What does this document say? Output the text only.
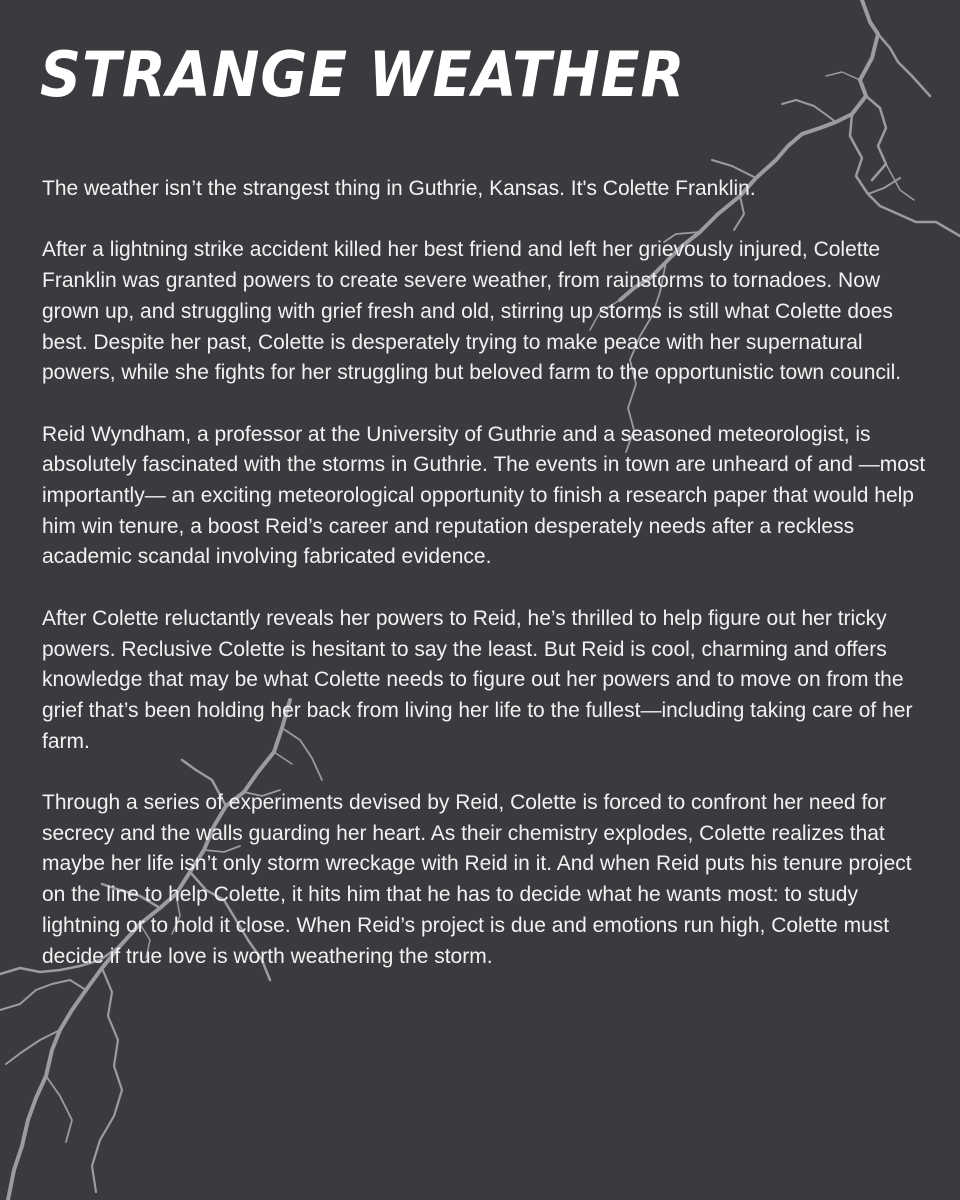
STRANGE WEATHER

The weather isn’t the strangest thing in Guthrie, Kansas. It's Colette Franklin.

After a lightning strike accident killed her best friend and left her grievously injured, Colette Franklin was granted powers to create severe weather, from rainstorms to tornadoes. Now grown up, and struggling with grief fresh and old, stirring up storms is still what Colette does best. Despite her past, Colette is desperately trying to make peace with her supernatural powers, while she fights for her struggling but beloved farm to the opportunistic town council.

Reid Wyndham, a professor at the University of Guthrie and a seasoned meteorologist, is absolutely fascinated with the storms in Guthrie. The events in town are unheard of and —most importantly— an exciting meteorological opportunity to finish a research paper that would help him win tenure, a boost Reid’s career and reputation desperately needs after a reckless academic scandal involving fabricated evidence.

After Colette reluctantly reveals her powers to Reid, he’s thrilled to help figure out her tricky powers. Reclusive Colette is hesitant to say the least. But Reid is cool, charming and offers knowledge that may be what Colette needs to figure out her powers and to move on from the grief that’s been holding her back from living her life to the fullest—including taking care of her farm.

Through a series of experiments devised by Reid, Colette is forced to confront her need for secrecy and the walls guarding her heart. As their chemistry explodes, Colette realizes that maybe her life isn’t only storm wreckage with Reid in it. And when Reid puts his tenure project on the line to help Colette, it hits him that he has to decide what he wants most: to study lightning or to hold it close. When Reid’s project is due and emotions run high, Colette must decide if true love is worth weathering the storm.
